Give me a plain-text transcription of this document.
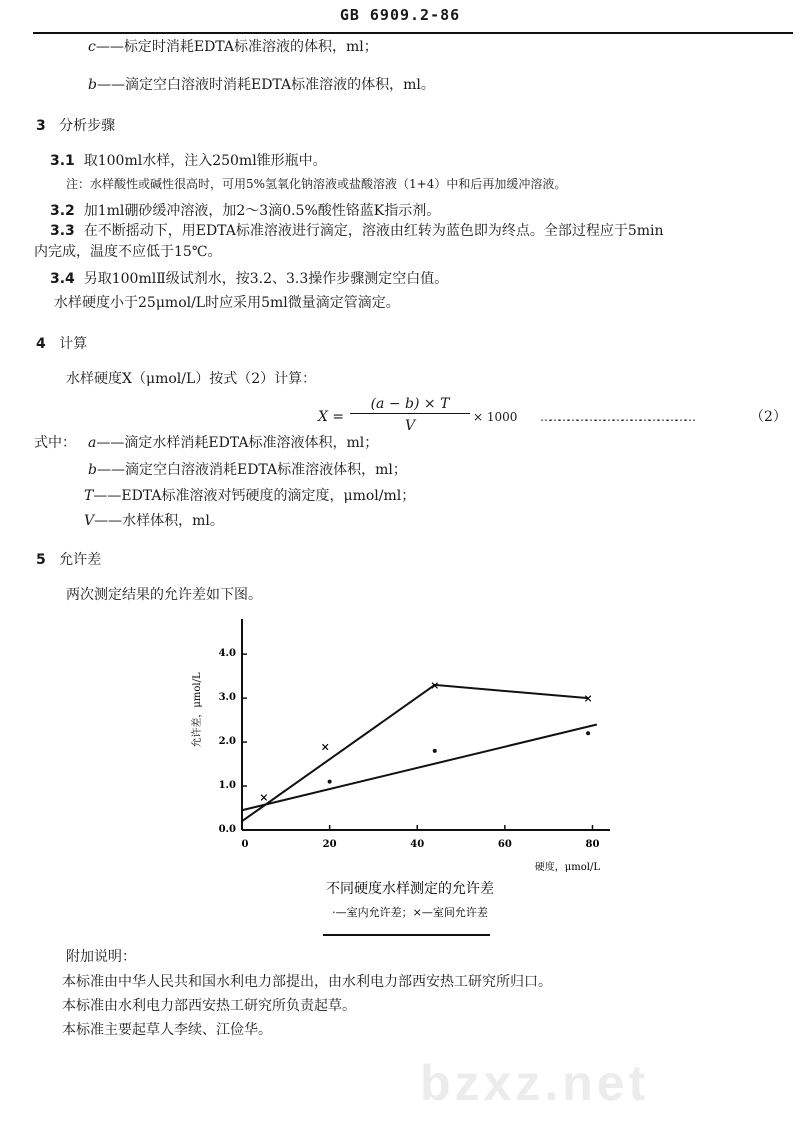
bzxz.net
GB 6909.2-86
c——标定时消耗EDTA标准溶液的体积，ml；
b——滴定空白溶液时消耗EDTA标准溶液的体积，ml。
3 分析步骤
3.1 取100ml水样，注入250ml锥形瓶中。
注：水样酸性或碱性很高时，可用5%氢氧化钠溶液或盐酸溶液（1+4）中和后再加缓冲溶液。
3.2 加1ml硼砂缓冲溶液，加2～3滴0.5%酸性铬蓝K指示剂。
3.3 在不断摇动下，用EDTA标准溶液进行滴定，溶液由红转为蓝色即为终点。全部过程应于5min
内完成，温度不应低于15℃。
3.4 另取100mlⅡ级试剂水，按3.2、3.3操作步骤测定空白值。
水样硬度小于25μmol/L时应采用5ml微量滴定管滴定。
4 计算
水样硬度X（μmol/L）按式（2）计算：
X =
(a − b) × T
V
× 1000 ……………………………………………	（2）
式中： a——滴定水样消耗EDTA标准溶液体积，ml；
b——滴定空白溶液消耗EDTA标准溶液体积，ml；
T——EDTA标准溶液对钙硬度的滴定度，μmol/ml；
V——水样体积，ml。
5 允许差
两次测定结果的允许差如下图。
0	20	40	60	80
0.0
1.0
2.0
3.0
4.0
×
×
×
×
允许差，μmol/L
硬度，μmol/L
不同硬度水样测定的允许差
·—室内允许差；×—室间允许差
附加说明：
本标准由中华人民共和国水利电力部提出，由水利电力部西安热工研究所归口。
本标准由水利电力部西安热工研究所负责起草。
本标准主要起草人李续、江俭华。
